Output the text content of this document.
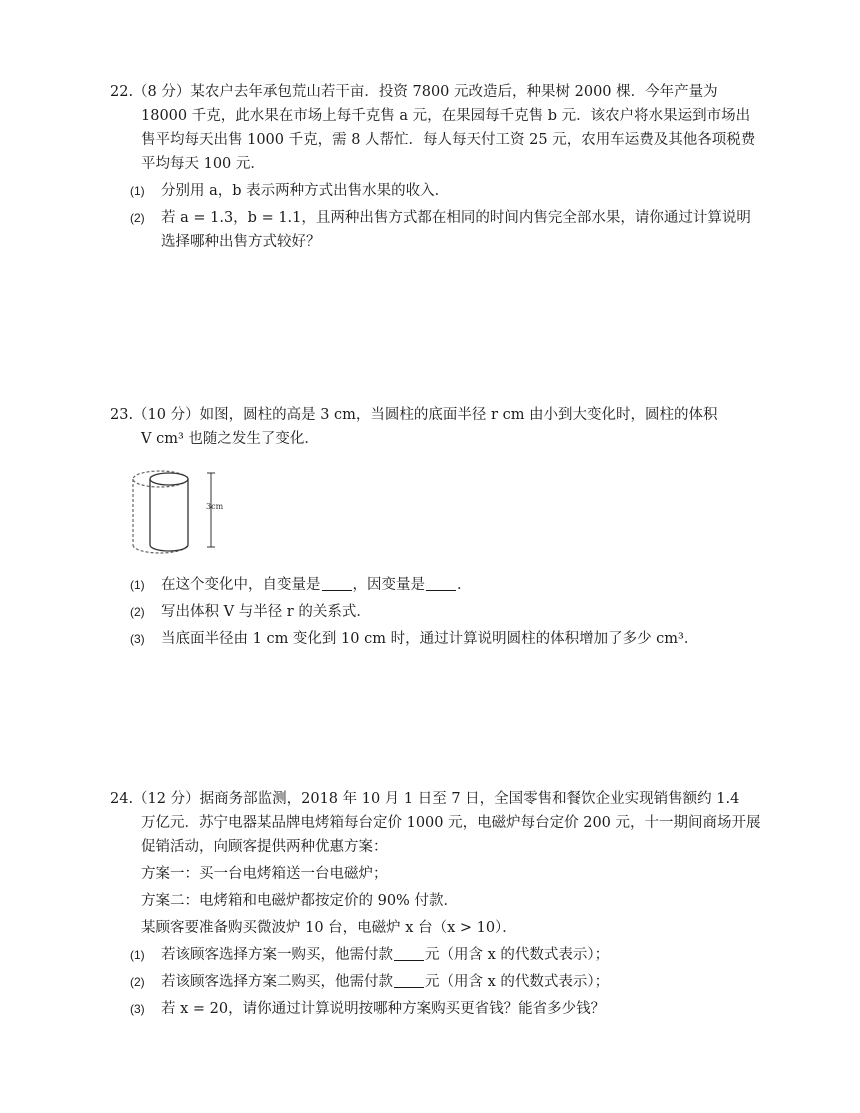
22.（8 分）某农户去年承包荒山若干亩．投资 7800 元改造后，种果树 2000 棵．今年产量为
18000 千克，此水果在市场上每千克售 a 元，在果园每千克售 b 元．该农户将水果运到市场出
售平均每天出售 1000 千克，需 8 人帮忙．每人每天付工资 25 元，农用车运费及其他各项税费
平均每天 100 元．
(1)	分别用 a，b 表示两种方式出售水果的收入．
(2)	若 a = 1.3，b = 1.1，且两种出售方式都在相同的时间内售完全部水果，请你通过计算说明
选择哪种出售方式较好？
23.（10 分）如图，圆柱的高是 3 cm，当圆柱的底面半径 r cm 由小到大变化时，圆柱的体积
V cm³ 也随之发生了变化．
3cm
(1)	在这个变化中，自变量是 ，因变量是 ．
(2)	写出体积 V 与半径 r 的关系式．
(3)	当底面半径由 1 cm 变化到 10 cm 时，通过计算说明圆柱的体积增加了多少 cm³．
24.（12 分）据商务部监测，2018 年 10 月 1 日至 7 日，全国零售和餐饮企业实现销售额约 1.4
万亿元．苏宁电器某品牌电烤箱每台定价 1000 元，电磁炉每台定价 200 元，十一期间商场开展
促销活动，向顾客提供两种优惠方案：
方案一：买一台电烤箱送一台电磁炉；
方案二：电烤箱和电磁炉都按定价的 90% 付款．
某顾客要准备购买微波炉 10 台，电磁炉 x 台（x > 10）．
(1)	若该顾客选择方案一购买，他需付款 元（用含 x 的代数式表示）；
(2)	若该顾客选择方案二购买，他需付款 元（用含 x 的代数式表示）；
(3)	若 x = 20，请你通过计算说明按哪种方案购买更省钱？能省多少钱？
